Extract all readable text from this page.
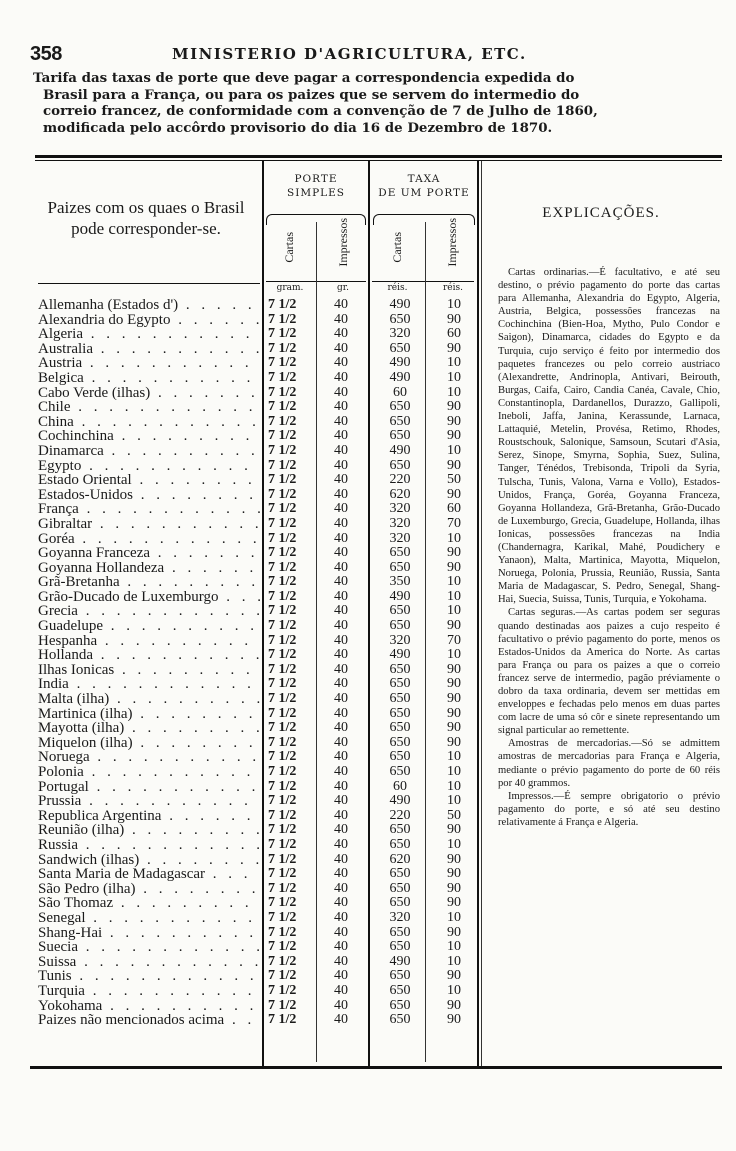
358	MINISTERIO D'AGRICULTURA, ETC.
Tarifa das taxas de porte que deve pagar a correspondencia expedida do
Brasil para a França, ou para os paizes que se servem do intermedio do
correio francez, de conformidade com a convenção de 7 de Julho de 1860,
modificada pelo accôrdo provisorio do dia 16 de Dezembro de 1870.
Paizes com os quaes o Brasil
pode corresponder-se.
PORTE
SIMPLES
TAXA
DE UM PORTE
Cartas	Impressos	Cartas	Impressos
gram.	gr.	réis.	réis.
Allemanha (Estados d') . . .	7 1/2	40	490	10
Alexandria do Egypto . . .	7 1/2	40	650	90
Algeria . . .	7 1/2	40	320	60
Australia . . .	7 1/2	40	650	90
Austria . . .	7 1/2	40	490	10
Belgica . . .	7 1/2	40	490	10
Cabo Verde (ilhas) . . .	7 1/2	40	60	10
Chile . . .	7 1/2	40	650	90
China . . .	7 1/2	40	650	90
Cochinchina . . .	7 1/2	40	650	90
Dinamarca . . .	7 1/2	40	490	10
Egypto . . .	7 1/2	40	650	90
Estado Oriental . . .	7 1/2	40	220	50
Estados-Unidos . . .	7 1/2	40	620	90
França . . .	7 1/2	40	320	60
Gibraltar . . .	7 1/2	40	320	70
Goréa . . .	7 1/2	40	320	10
Goyanna Franceza . . .	7 1/2	40	650	90
Goyanna Hollandeza . . .	7 1/2	40	650	90
Grã-Bretanha . . .	7 1/2	40	350	10
Grão-Ducado de Luxemburgo . . .	7 1/2	40	490	10
Grecia . . .	7 1/2	40	650	10
Guadelupe . . .	7 1/2	40	650	90
Hespanha . . .	7 1/2	40	320	70
Hollanda . . .	7 1/2	40	490	10
Ilhas Ionicas . . .	7 1/2	40	650	90
India . . .	7 1/2	40	650	90
Malta (ilha) . . .	7 1/2	40	650	90
Martinica (ilha) . . .	7 1/2	40	650	90
Mayotta (ilha) . . .	7 1/2	40	650	90
Miquelon (ilha) . . .	7 1/2	40	650	90
Noruega . . .	7 1/2	40	650	10
Polonia . . .	7 1/2	40	650	10
Portugal . . .	7 1/2	40	60	10
Prussia . . .	7 1/2	40	490	10
Republica Argentina . . .	7 1/2	40	220	50
Reunião (ilha) . . .	7 1/2	40	650	90
Russia . . .	7 1/2	40	650	10
Sandwich (ilhas) . . .	7 1/2	40	620	90
Santa Maria de Madagascar . . .	7 1/2	40	650	90
São Pedro (ilha) . . .	7 1/2	40	650	90
São Thomaz . . .	7 1/2	40	650	90
Senegal . . .	7 1/2	40	320	10
Shang-Hai . . .	7 1/2	40	650	90
Suecia . . .	7 1/2	40	650	10
Suissa . . .	7 1/2	40	490	10
Tunis . . .	7 1/2	40	650	90
Turquia . . .	7 1/2	40	650	10
Yokohama . . .	7 1/2	40	650	90
Paizes não mencionados acima . . .	7 1/2	40	650	90
EXPLICAÇÕES.

Cartas ordinarias.—É facultativo, e até seu destino, o prévio pagamento do porte das cartas para Allemanha, Alexandria do Egypto, Algeria, Austria, Belgica, possessões francezas na Cochinchina (Bien-Hoa, Mytho, Pulo Condor e Saigon), Dinamarca, cidades do Egypto e da Turquia, cujo serviço é feito por intermedio dos paquetes francezes ou pelo correio austriaco (Alexandrette, Andrinopla, Antivari, Beirouth, Burgas, Caifa, Cairo, Candia Canéa, Cavale, Chio, Constantinopla, Dardanellos, Durazzo, Gallipoli, Ineboli, Jaffa, Janina, Kerassunde, Larnaca, Lattaquié, Metelin, Provésa, Retimo, Rhodes, Roustschouk, Salonique, Samsoun, Scutari d'Asia, Serez, Sinope, Smyrna, Sophia, Suez, Sulina, Tanger, Ténédos, Trebisonda, Tripoli da Syria, Tulscha, Tunis, Valona, Varna e Vollo), Estados-Unidos, França, Goréa, Goyanna Franceza, Goyanna Hollandeza, Grã-Bretanha, Grão-Ducado de Luxemburgo, Grecia, Guadelupe, Hollanda, ilhas Ionicas, possessões francezas na India (Chandernagra, Karikal, Mahé, Poudichery e Yanaon), Malta, Martinica, Mayotta, Miquelon, Noruega, Polonia, Prussia, Reunião, Russia, Santa Maria de Madagascar, S. Pedro, Senegal, Shang-Hai, Suecia, Suissa, Tunis, Turquia, e Yokohama.

Cartas seguras.—As cartas podem ser seguras quando destinadas aos paizes a cujo respeito é facultativo o prévio pagamento do porte, menos os Estados-Unidos da America do Norte. As cartas para França ou para os paizes a que o correio francez serve de intermedio, pagão préviamente o dobro da taxa ordinaria, devem ser mettidas em enveloppes e fechadas pelo menos em duas partes com lacre de uma só côr e sinete representando um signal particular ao remettente.

Amostras de mercadorias.—Só se admittem amostras de mercadorias para França e Algeria, mediante o prévio pagamento do porte de 60 réis por 40 grammos.

Impressos.—É sempre obrigatorio o prévio pagamento do porte, e só até seu destino relativamente á França e Algeria.
